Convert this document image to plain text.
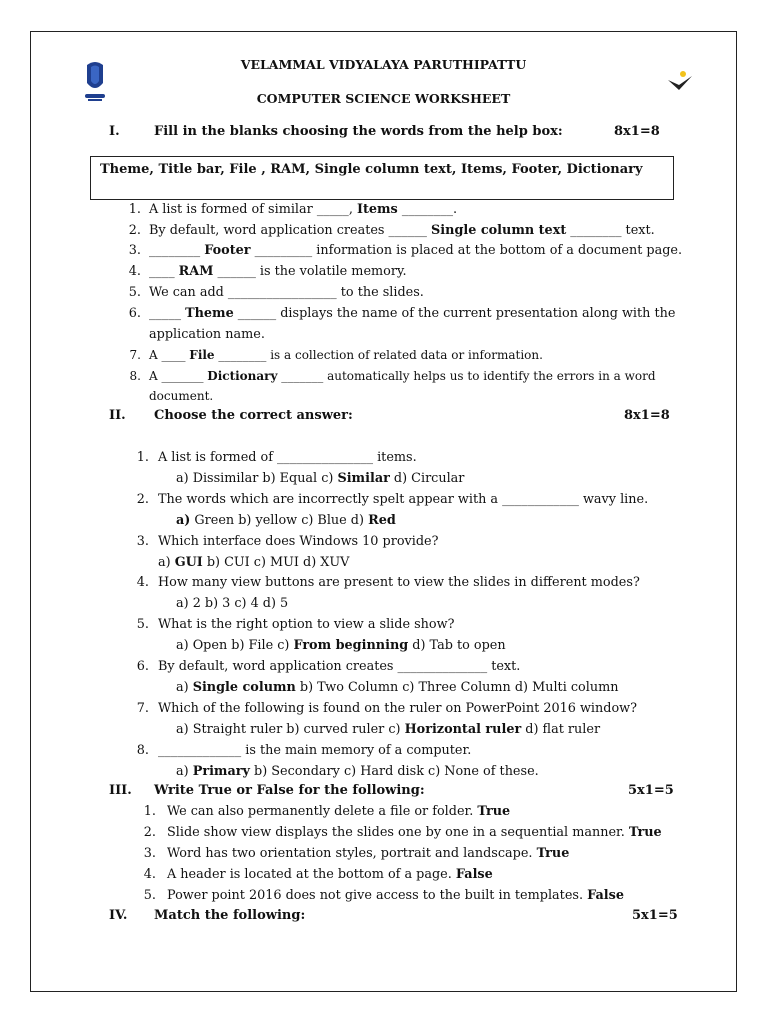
VELAMMAL VIDYALAYA PARUTHIPATTU
COMPUTER SCIENCE WORKSHEET
I.	Fill in the blanks choosing the words from the help box:	8x1=8
Theme, Title bar, File , RAM, Single column text, Items, Footer, Dictionary
1. A list is formed of similar _____, Items ________.
2. By default, word application creates ______ Single column text ________ text.
3. ________ Footer _________ information is placed at the bottom of a document page.
4. ____ RAM ______ is the volatile memory.
5. We can add _________________ to the slides.
6. _____ Theme ______ displays the name of the current presentation along with the
application name.
7. A ____ File ________ is a collection of related data or information.
8. A _______ Dictionary _______ automatically helps us to identify the errors in a word
document.
II. Choose the correct answer:	8x1=8
1. A list is formed of _______________ items.
a) Dissimilar b) Equal c) Similar d) Circular
2. The words which are incorrectly spelt appear with a ____________ wavy line.
a) Green b) yellow c) Blue d) Red
3. Which interface does Windows 10 provide?
a) GUI b) CUI c) MUI d) XUV
4. How many view buttons are present to view the slides in different modes?
a) 2 b) 3 c) 4 d) 5
5. What is the right option to view a slide show?
a) Open b) File c) From beginning d) Tab to open
6. By default, word application creates ______________ text.
a) Single column b) Two Column c) Three Column d) Multi column
7. Which of the following is found on the ruler on PowerPoint 2016 window?
a) Straight ruler b) curved ruler c) Horizontal ruler d) flat ruler
8. _____________ is the main memory of a computer.
a) Primary b) Secondary c) Hard disk c) None of these.
III. Write True or False for the following:	5x1=5
1. We can also permanently delete a file or folder. True
2. Slide show view displays the slides one by one in a sequential manner. True
3. Word has two orientation styles, portrait and landscape. True
4. A header is located at the bottom of a page. False
5. Power point 2016 does not give access to the built in templates. False
IV. Match the following:	5x1=5
